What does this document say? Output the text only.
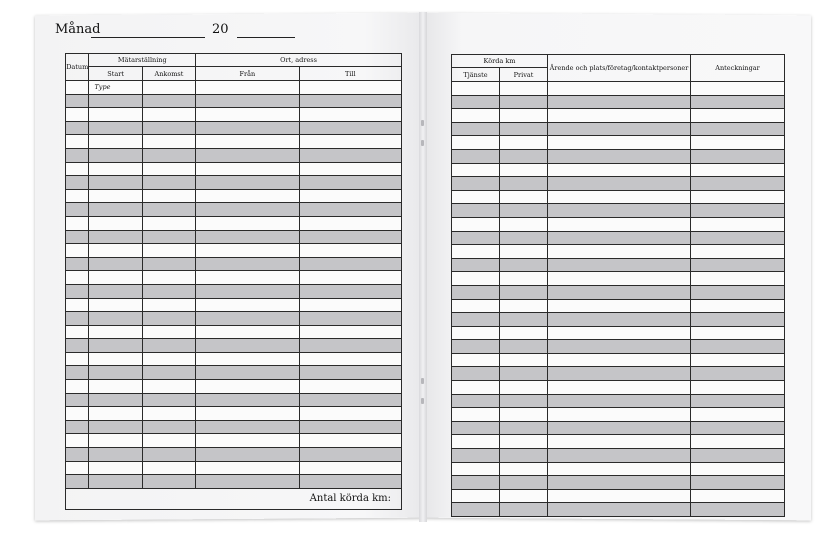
Månad	20
Datum	Mätarställning		Ort, adress	
	Start	Ankomst	Från	Till
	Type			

Antal körda km:				
Körda km		Ärende och plats/företag/kontaktpersoner	Anteckningar
Tjänste	Privat		
